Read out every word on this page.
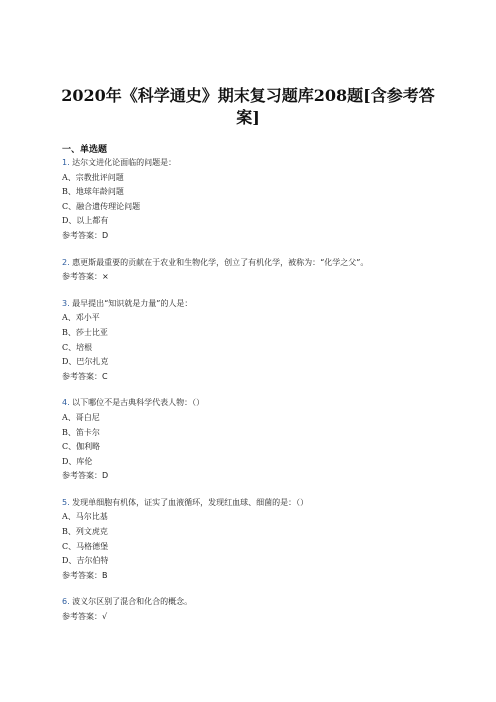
2020年《科学通史》期末复习题库208题[含参考答
案]
一、单选题
1. 达尔文进化论面临的问题是：
A、宗教批评问题
B、地球年龄问题
C、融合遗传理论问题
D、以上都有
参考答案：D
2. 惠更斯最重要的贡献在于农业和生物化学，创立了有机化学，被称为：“化学之父”。
参考答案：×
3. 最早提出“知识就是力量”的人是：
A、邓小平
B、莎士比亚
C、培根
D、巴尔扎克
参考答案：C
4. 以下哪位不是古典科学代表人物：（）
A、哥白尼
B、笛卡尔
C、伽利略
D、库伦
参考答案：D
5. 发现单细胞有机体，证实了血液循环，发现红血球、细菌的是：（）
A、马尔比基
B、列文虎克
C、马格德堡
D、吉尔伯特
参考答案：B
6. 波义尔区别了混合和化合的概念。
参考答案：√
